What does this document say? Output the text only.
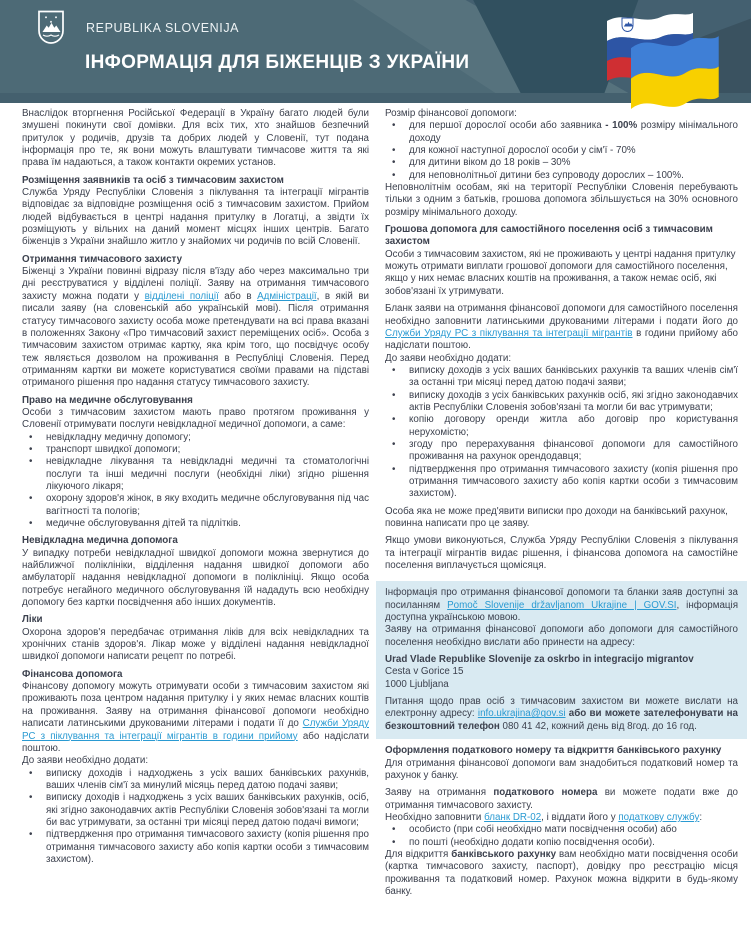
REPUBLIKA SLOVENIJA
ІНФОРМАЦІЯ ДЛЯ БІЖЕНЦІВ З УКРАЇНИ

Внаслідок вторгнення Російської Федерації в Україну багато людей були змушені покинути свої домівки. Для всіх тих, хто знайшов безпечний притулок у родичів, друзів та добрих людей у Словенії, тут подана інформація про те, як вони можуть влаштувати тимчасове життя та які права їм надаються, а також контакти окремих установ.

Розміщення заявників та осіб з тимчасовим захистом

Служба Уряду Республіки Словенія з піклування та інтеграції мігрантів відповідає за відповідне розміщення осіб з тимчасовим захистом. Прийом людей відбувається в центрі надання притулку в Логатці, а звідти їх розміщують у вільних на даний момент місцях інших центрів. Багато біженців з України знайшло житло у знайомих чи родичів по всій Словенії.

Отримання тимчасового захисту

Біженці з України повинні відразу після в'їзду або через максимально три дні реєструватися у відділені поліції. Заяву на отримання тимчасового захисту можна подати у відділені поліції або в Адміністрації, в якій ви писали заяву (на словенській або українській мові). Після отримання статусу тимчасового захисту особа може претендувати на всі права вказані в положеннях Закону «Про тимчасовий захист переміщених осіб». Особа з тимчасовим захистом отримає картку, яка крім того, що посвідчує особу теж являється дозволом на проживання в Республіці Словенія. Перед отриманням картки ви можете користуватися своїми правами на підставі отриманого рішення про надання статусу тимчасового захисту.

Право на медичне обслуговування

Особи з тимчасовим захистом мають право протягом проживання у Словенії отримувати послуги невідкладної медичної допомоги, а саме:

• невідкладну медичну допомогу;
• транспорт швидкої допомоги;
• невідкладне лікування та невідкладні медичні та стоматологічні послуги та інші медичні послуги (необхідні ліки) згідно рішення лікуючого лікаря;
• охорону здоров'я жінок, в яку входить медичне обслуговування під час вагітності та пологів;
• медичне обслуговування дітей та підлітків.
Невідкладна медична допомога

У випадку потреби невідкладної швидкої допомоги можна звернутися до найближчої поліклініки, відділення надання швидкої допомоги або амбулаторії надання невідкладної допомоги в поліклініці. Якщо особа потребує негайного медичного обслуговування їй нададуть всю необхідну допомогу без картки посвідчення або інших документів.

Ліки

Охорона здоров'я передбачає отримання ліків для всіх невідкладних та хронічних станів здоров'я. Лікар може у відділені надання невідкладної швидкої допомоги написати рецепт по потребі.

Фінансова допомога

Фінансову допомогу можуть отримувати особи з тимчасовим захистом які проживають поза центром надання притулку і у яких немає власних коштів на проживання. Заяву на отримання фінансової допомоги необхідно написати латинськими друкованими літерами і подати її до Служби Уряду РС з піклування та інтеграції мігрантів в години прийому або надіслати поштою.

До заяви необхідно додати:

• виписку доходів і надходжень з усіх ваших банківських рахунків, ваших членів сім'ї за минулий місяць перед датою подачі заяви;
• виписку доходів і надходжень з усіх ваших банківських рахунків, осіб, які згідно законодавчих актів Республіки Словенія зобов'язані та могли би вас утримувати, за останні три місяці перед датою подачі вимоги;
• підтвердження про отримання тимчасового захисту (копія рішення про отримання тимчасового захисту або копія картки особи з тимчасовим захистом).

Розмір фінансової допомоги:

• для першої дорослої особи або заявника - 100% розміру мінімального доходу
• для кожної наступної дорослої особи у сім'ї - 70%
• для дитини віком до 18 років – 30%
• для неповнолітньої дитини без супроводу дорослих – 100%.

Неповнолітнім особам, які на території Республіки Словенія перебувають тільки з одним з батьків, грошова допомога збільшується на 30% основного розміру мінімального доходу.

Грошова допомога для самостійного поселення осіб з тимчасовим захистом

Особи з тимчасовим захистом, які не проживають у центрі надання притулку можуть отримати виплати грошової допомоги для самостійного поселення, якщо у них немає власних коштів на проживання, а також немає осіб, які зобов'язані їх утримувати.

Бланк заяви на отримання фінансової допомоги для самостійного поселення необхідно заповнити латинськими друкованими літерами і подати його до Служби Уряду РС з піклування та інтеграції мігрантів в години прийому або надіслати поштою.

До заяви необхідно додати:

• виписку доходів з усіх ваших банківських рахунків та ваших членів сім'ї за останні три місяці перед датою подачі заяви;
• виписку доходів з усіх банківських рахунків осіб, які згідно законодавчих актів Республіки Словенія зобов'язані та могли би вас утримувати;
• копію договору оренди житла або договір про користування нерухомістю;
• згоду про перерахування фінансової допомоги для самостійного проживання на рахунок орендодавця;
• підтвердження про отримання тимчасового захисту (копія рішення про отримання тимчасового захисту або копія картки особи з тимчасовим захистом).

Особа яка не може пред'явити виписки про доходи на банківський рахунок, повинна написати про це заяву.

Якщо умови виконуються, Служба Уряду Республіки Словенія з піклування та інтеграції мігрантів видає рішення, і фінансова допомога на самостійне поселення виплачується щомісяця.

Інформація про отримання фінансової допомоги та бланки заяв доступні за посиланням Pomoč Slovenije državljanom Ukrajine | GOV.SI, інформація доступна українською мовою.

Заяву на отримання фінансової допомоги або допомоги для самостійного поселення необхідно вислати або принести на адресу:

Urad Vlade Republike Slovenije za oskrbo in integracijo migrantov

Cesta v Gorice 15

1000 Ljubljana

Питання щодо прав осіб з тимчасовим захистом ви можете вислати на електронну адресу: info.ukrajina@gov.si або ви можете зателефонувати на безкоштовний телефон 080 41 42, кожний день від 8год. до 16 год.

Оформлення податкового номеру та відкриття банківського рахунку

Для отримання фінансової допомоги вам знадобиться податковий номер та рахунок у банку.

Заяву на отримання податкового номера ви можете подати вже до отримання тимчасового захисту.

Необхідно заповнити бланк DR-02, і віддати його у податкову службу:

• особисто (при собі необхідно мати посвідчення особи) або
• по пошті (необхідно додати копію посвідчення особи).

Для відкриття банківського рахунку вам необхідно мати посвідчення особи (картка тимчасового захисту, паспорт), довідку про реєстрацію місця проживання та податковий номер. Рахунок можна відкрити в будь-якому банку.
